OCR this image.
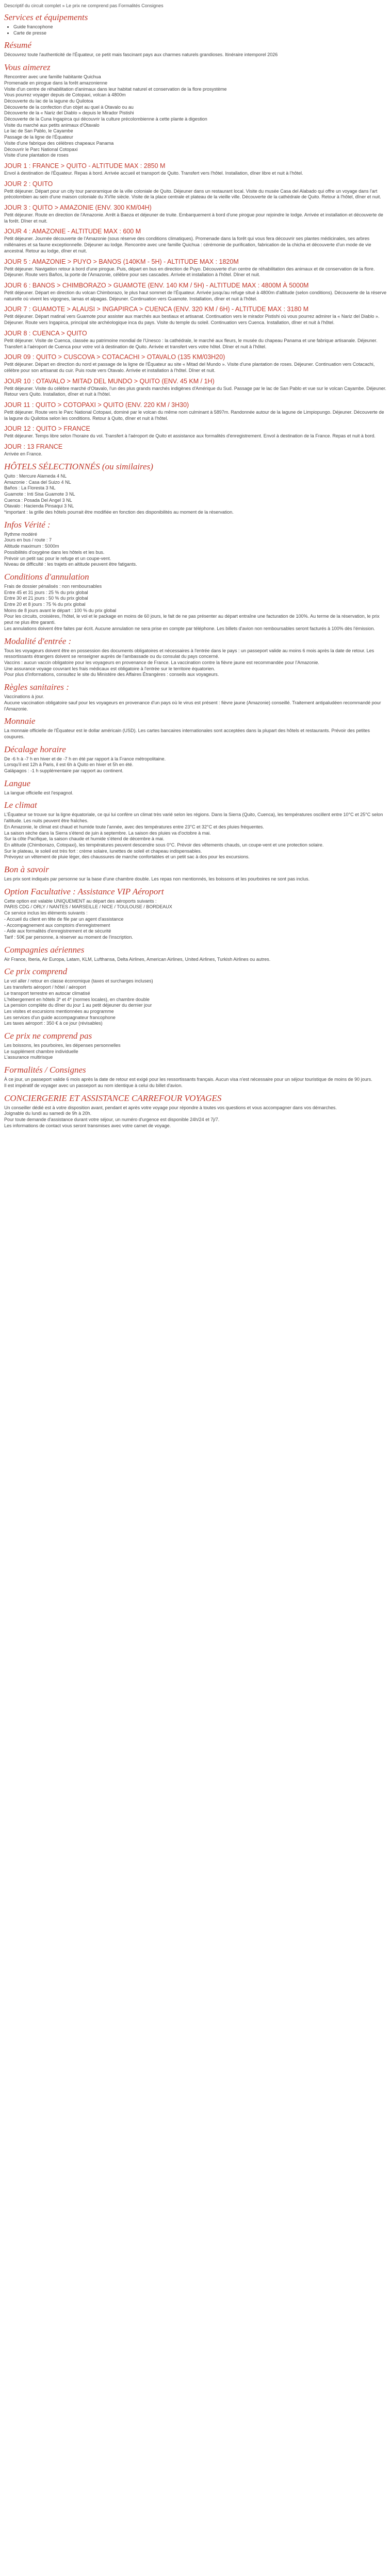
Descriptif du circuit complet » Le prix ne comprend pas Formalités Consignes

Services et équipements
• Guide francophone
• Carte de presse
Résumé

Découvrez toute l'authenticité de l'Équateur, ce petit mais fascinant pays aux charmes naturels grandioses. Itinéraire intemporel 2026

Vous aimerez

Rencontrer avec une famille habitante Quichua

Promenade en pirogue dans la forêt amazonienne

Visite d'un centre de réhabilitation d'animaux dans leur habitat naturel et conservation de la flore prosystème

Vous pourrez voyager depuis de Cotopaxi, volcan à 4800m

Découverte du lac de la lagune du Quilotoa

Découverte de la confection d'un objet au quel à Otavalo ou au

Découverte de la « Nariz del Diablo » depuis le Mirador Pistishi

Découverte de la Cuna Ingapirca qui découvrir la culture précolombienne à cette plante à digestion

Visite du marché aux petits animaux d'Otavalo

Le lac de San Pablo, le Cayambe

Passage de la ligne de l'Équateur

Visite d'une fabrique des célèbres chapeaux Panama

Découvrir le Parc National Cotopaxi

Visite d'une plantation de roses

JOUR 1 : FRANCE > QUITO - ALTITUDE MAX : 2850 M

Envol à destination de l'Équateur. Repas à bord. Arrivée accueil et transport de Quito. Transfert vers l'hôtel. Installation, dîner libre et nuit à l'hôtel.

JOUR 2 : QUITO

Petit déjeuner. Départ pour un city tour panoramique de la ville coloniale de Quito. Déjeuner dans un restaurant local. Visite du musée Casa del Alabado qui offre un voyage dans l'art précolombien au sein d'une maison coloniale du XVIIe siècle. Visite de la place centrale et plateau de la vieille ville. Découverte de la cathédrale de Quito. Retour à l'hôtel, dîner et nuit.

JOUR 3 : QUITO > AMAZONIE (ENV. 300 KM/04H)

Petit déjeuner. Route en direction de l'Amazonie. Arrêt à Baeza et déjeuner de truite. Embarquement à bord d'une pirogue pour rejoindre le lodge. Arrivée et installation et découverte de la forêt. Dîner et nuit.

JOUR 4 : AMAZONIE - ALTITUDE MAX : 600 M

Petit déjeuner. Journée découverte de l'Amazonie (sous réserve des conditions climatiques). Promenade dans la forêt qui vous fera découvrir ses plantes médicinales, ses arbres millénaires et sa faune exceptionnelle. Déjeuner au lodge. Rencontre avec une famille Quichua : cérémonie de purification, fabrication de la chicha et découverte d'un mode de vie ancestral. Retour au lodge, dîner et nuit.

JOUR 5 : AMAZONIE > PUYO > BANOS (140KM - 5H) - ALTITUDE MAX : 1820M

Petit déjeuner. Navigation retour à bord d'une pirogue. Puis, départ en bus en direction de Puyo. Découverte d'un centre de réhabilitation des animaux et de conservation de la flore. Déjeuner. Route vers Baños, la porte de l'Amazonie, célèbre pour ses cascades. Arrivée et installation à l'hôtel. Dîner et nuit.

JOUR 6 : BANOS > CHIMBORAZO > GUAMOTE (ENV. 140 KM / 5H) - ALTITUDE MAX : 4800M À 5000M

Petit déjeuner. Départ en direction du volcan Chimborazo, le plus haut sommet de l'Équateur. Arrivée jusqu'au refuge situé à 4800m d'altitude (selon conditions). Découverte de la réserve naturelle où vivent les vigognes, lamas et alpagas. Déjeuner. Continuation vers Guamote. Installation, dîner et nuit à l'hôtel.

JOUR 7 : GUAMOTE > ALAUSI > INGAPIRCA > CUENCA (ENV. 320 KM / 6H) - ALTITUDE MAX : 3180 M

Petit déjeuner. Départ matinal vers Guamote pour assister aux marchés aux bestiaux et artisanat. Continuation vers le mirador Pistishi où vous pourrez admirer la « Nariz del Diablo ». Déjeuner. Route vers Ingapirca, principal site archéologique inca du pays. Visite du temple du soleil. Continuation vers Cuenca. Installation, dîner et nuit à l'hôtel.

JOUR 8 : CUENCA > QUITO

Petit déjeuner. Visite de Cuenca, classée au patrimoine mondial de l'Unesco : la cathédrale, le marché aux fleurs, le musée du chapeau Panama et une fabrique artisanale. Déjeuner. Transfert à l'aéroport de Cuenca pour votre vol à destination de Quito. Arrivée et transfert vers votre hôtel. Dîner et nuit à l'hôtel.

JOUR 09 : QUITO > CUSCOVA > COTACACHI > OTAVALO (135 KM/03H20)

Petit déjeuner. Départ en direction du nord et passage de la ligne de l'Équateur au site « Mitad del Mundo ». Visite d'une plantation de roses. Déjeuner. Continuation vers Cotacachi, célèbre pour son artisanat du cuir. Puis route vers Otavalo. Arrivée et installation à l'hôtel. Dîner et nuit.

JOUR 10 : OTAVALO > MITAD DEL MUNDO > QUITO (ENV. 45 KM / 1H)

Petit déjeuner. Visite du célèbre marché d'Otavalo, l'un des plus grands marchés indigènes d'Amérique du Sud. Passage par le lac de San Pablo et vue sur le volcan Cayambe. Déjeuner. Retour vers Quito. Installation, dîner et nuit à l'hôtel.

JOUR 11 : QUITO > COTOPAXI > QUITO (ENV. 220 KM / 3H30)

Petit déjeuner. Route vers le Parc National Cotopaxi, dominé par le volcan du même nom culminant à 5897m. Randonnée autour de la lagune de Limpiopungo. Déjeuner. Découverte de la lagune du Quilotoa selon les conditions. Retour à Quito, dîner et nuit à l'hôtel.

JOUR 12 : QUITO > FRANCE

Petit déjeuner. Temps libre selon l'horaire du vol. Transfert à l'aéroport de Quito et assistance aux formalités d'enregistrement. Envol à destination de la France. Repas et nuit à bord.

JOUR : 13 FRANCE

Arrivée en France.

HÔTELS SÉLECTIONNÉS (ou similaires)

Quito : Mercure Alameda 4 NL

Amazonie : Casa del Suizo 4 NL

Baños : La Floresta 3 NL

Guamote : Inti Sisa Guamote 3 NL

Cuenca : Posada Del Angel 3 NL

Otavalo : Hacienda Pinsaqui 3 NL

*important : la grille des hôtels pourrait être modifiée en fonction des disponibilités au moment de la réservation.

Infos Vérité :

Rythme modéré

Jours en bus / route : 7

Altitude maximum : 5000m

Possibilités d'oxygène dans les hôtels et les bus.

Prévoir un petit sac pour le refuge et un coupe-vent.

Niveau de difficulté : les trajets en altitude peuvent être fatigants.

Conditions d'annulation

Frais de dossier pénalisés : non remboursables

Entre 45 et 31 jours : 25 % du prix global

Entre 30 et 21 jours : 50 % du prix global

Entre 20 et 8 jours : 75 % du prix global

Moins de 8 jours avant le départ : 100 % du prix global

Pour les circuits, croisières, l'hôtel, le vol et le package en moins de 60 jours, le fait de ne pas présenter au départ entraîne une facturation de 100%. Au terme de la réservation, le prix peut ne plus être garanti.

Les annulations doivent être faites par écrit. Aucune annulation ne sera prise en compte par téléphone. Les billets d'avion non remboursables seront facturés à 100% dès l'émission.

Modalité d'entrée :

Tous les voyageurs doivent être en possession des documents obligatoires et nécessaires à l'entrée dans le pays : un passeport valide au moins 6 mois après la date de retour. Les ressortissants étrangers doivent se renseigner auprès de l'ambassade ou du consulat du pays concerné.

Vaccins : aucun vaccin obligatoire pour les voyageurs en provenance de France. La vaccination contre la fièvre jaune est recommandée pour l'Amazonie.

Une assurance voyage couvrant les frais médicaux est obligatoire à l'entrée sur le territoire équatorien.

Pour plus d'informations, consultez le site du Ministère des Affaires Étrangères : conseils aux voyageurs.

Règles sanitaires :

Vaccinations à jour.

Aucune vaccination obligatoire sauf pour les voyageurs en provenance d'un pays où le virus est présent : fièvre jaune (Amazonie) conseillé. Traitement antipaludéen recommandé pour l'Amazonie.

Monnaie

La monnaie officielle de l'Équateur est le dollar américain (USD). Les cartes bancaires internationales sont acceptées dans la plupart des hôtels et restaurants. Prévoir des petites coupures.

Décalage horaire

De -6 h à -7 h en hiver et de -7 h en été par rapport à la France métropolitaine.

Lorsqu'il est 12h à Paris, il est 6h à Quito en hiver et 5h en été.

Galápagos : -1 h supplémentaire par rapport au continent.

Langue

La langue officielle est l'espagnol.

Le climat

L'Équateur se trouve sur la ligne équatoriale, ce qui lui confère un climat très varié selon les régions. Dans la Sierra (Quito, Cuenca), les températures oscillent entre 10°C et 25°C selon l'altitude. Les nuits peuvent être fraîches.

En Amazonie, le climat est chaud et humide toute l'année, avec des températures entre 23°C et 32°C et des pluies fréquentes.

La saison sèche dans la Sierra s'étend de juin à septembre. La saison des pluies va d'octobre à mai.

Sur la côte Pacifique, la saison chaude et humide s'étend de décembre à mai.

En altitude (Chimborazo, Cotopaxi), les températures peuvent descendre sous 0°C. Prévoir des vêtements chauds, un coupe-vent et une protection solaire.

Sur le plateau, le soleil est très fort : crème solaire, lunettes de soleil et chapeau indispensables.

Prévoyez un vêtement de pluie léger, des chaussures de marche confortables et un petit sac à dos pour les excursions.

Bon à savoir

Les prix sont indiqués par personne sur la base d'une chambre double. Les repas non mentionnés, les boissons et les pourboires ne sont pas inclus.

Option Facultative : Assistance VIP Aéroport

Cette option est valable UNIQUEMENT au départ des aéroports suivants :

PARIS CDG / ORLY / NANTES / MARSEILLE / NICE / TOULOUSE / BORDEAUX

Ce service inclus les éléments suivants :

- Accueil du client en tête de file par un agent d'assistance

- Accompagnement aux comptoirs d'enregistrement

- Aide aux formalités d'enregistrement et de sécurité

Tarif : 50€ par personne, à réserver au moment de l'inscription.

Compagnies aériennes

Air France, Iberia, Air Europa, Latam, KLM, Lufthansa, Delta Airlines, American Airlines, United Airlines, Turkish Airlines ou autres.

Ce prix comprend

Le vol aller / retour en classe économique (taxes et surcharges incluses)

Les transferts aéroport / hôtel / aéroport

Le transport terrestre en autocar climatisé

L'hébergement en hôtels 3* et 4* (normes locales), en chambre double

La pension complète du dîner du jour 1 au petit déjeuner du dernier jour

Les visites et excursions mentionnées au programme

Les services d'un guide accompagnateur francophone

Les taxes aéroport : 350 € à ce jour (révisables)

Ce prix ne comprend pas

Les boissons, les pourboires, les dépenses personnelles

Le supplément chambre individuelle

L'assurance multirisque

Formalités / Consignes

À ce jour, un passeport valide 6 mois après la date de retour est exigé pour les ressortissants français. Aucun visa n'est nécessaire pour un séjour touristique de moins de 90 jours.

Il est impératif de voyager avec un passeport au nom identique à celui du billet d'avion.

CONCIERGERIE ET ASSISTANCE CARREFOUR VOYAGES

Un conseiller dédié est à votre disposition avant, pendant et après votre voyage pour répondre à toutes vos questions et vous accompagner dans vos démarches.

Joignable du lundi au samedi de 9h à 20h.

Pour toute demande d'assistance durant votre séjour, un numéro d'urgence est disponible 24h/24 et 7j/7.

Les informations de contact vous seront transmises avec votre carnet de voyage.
